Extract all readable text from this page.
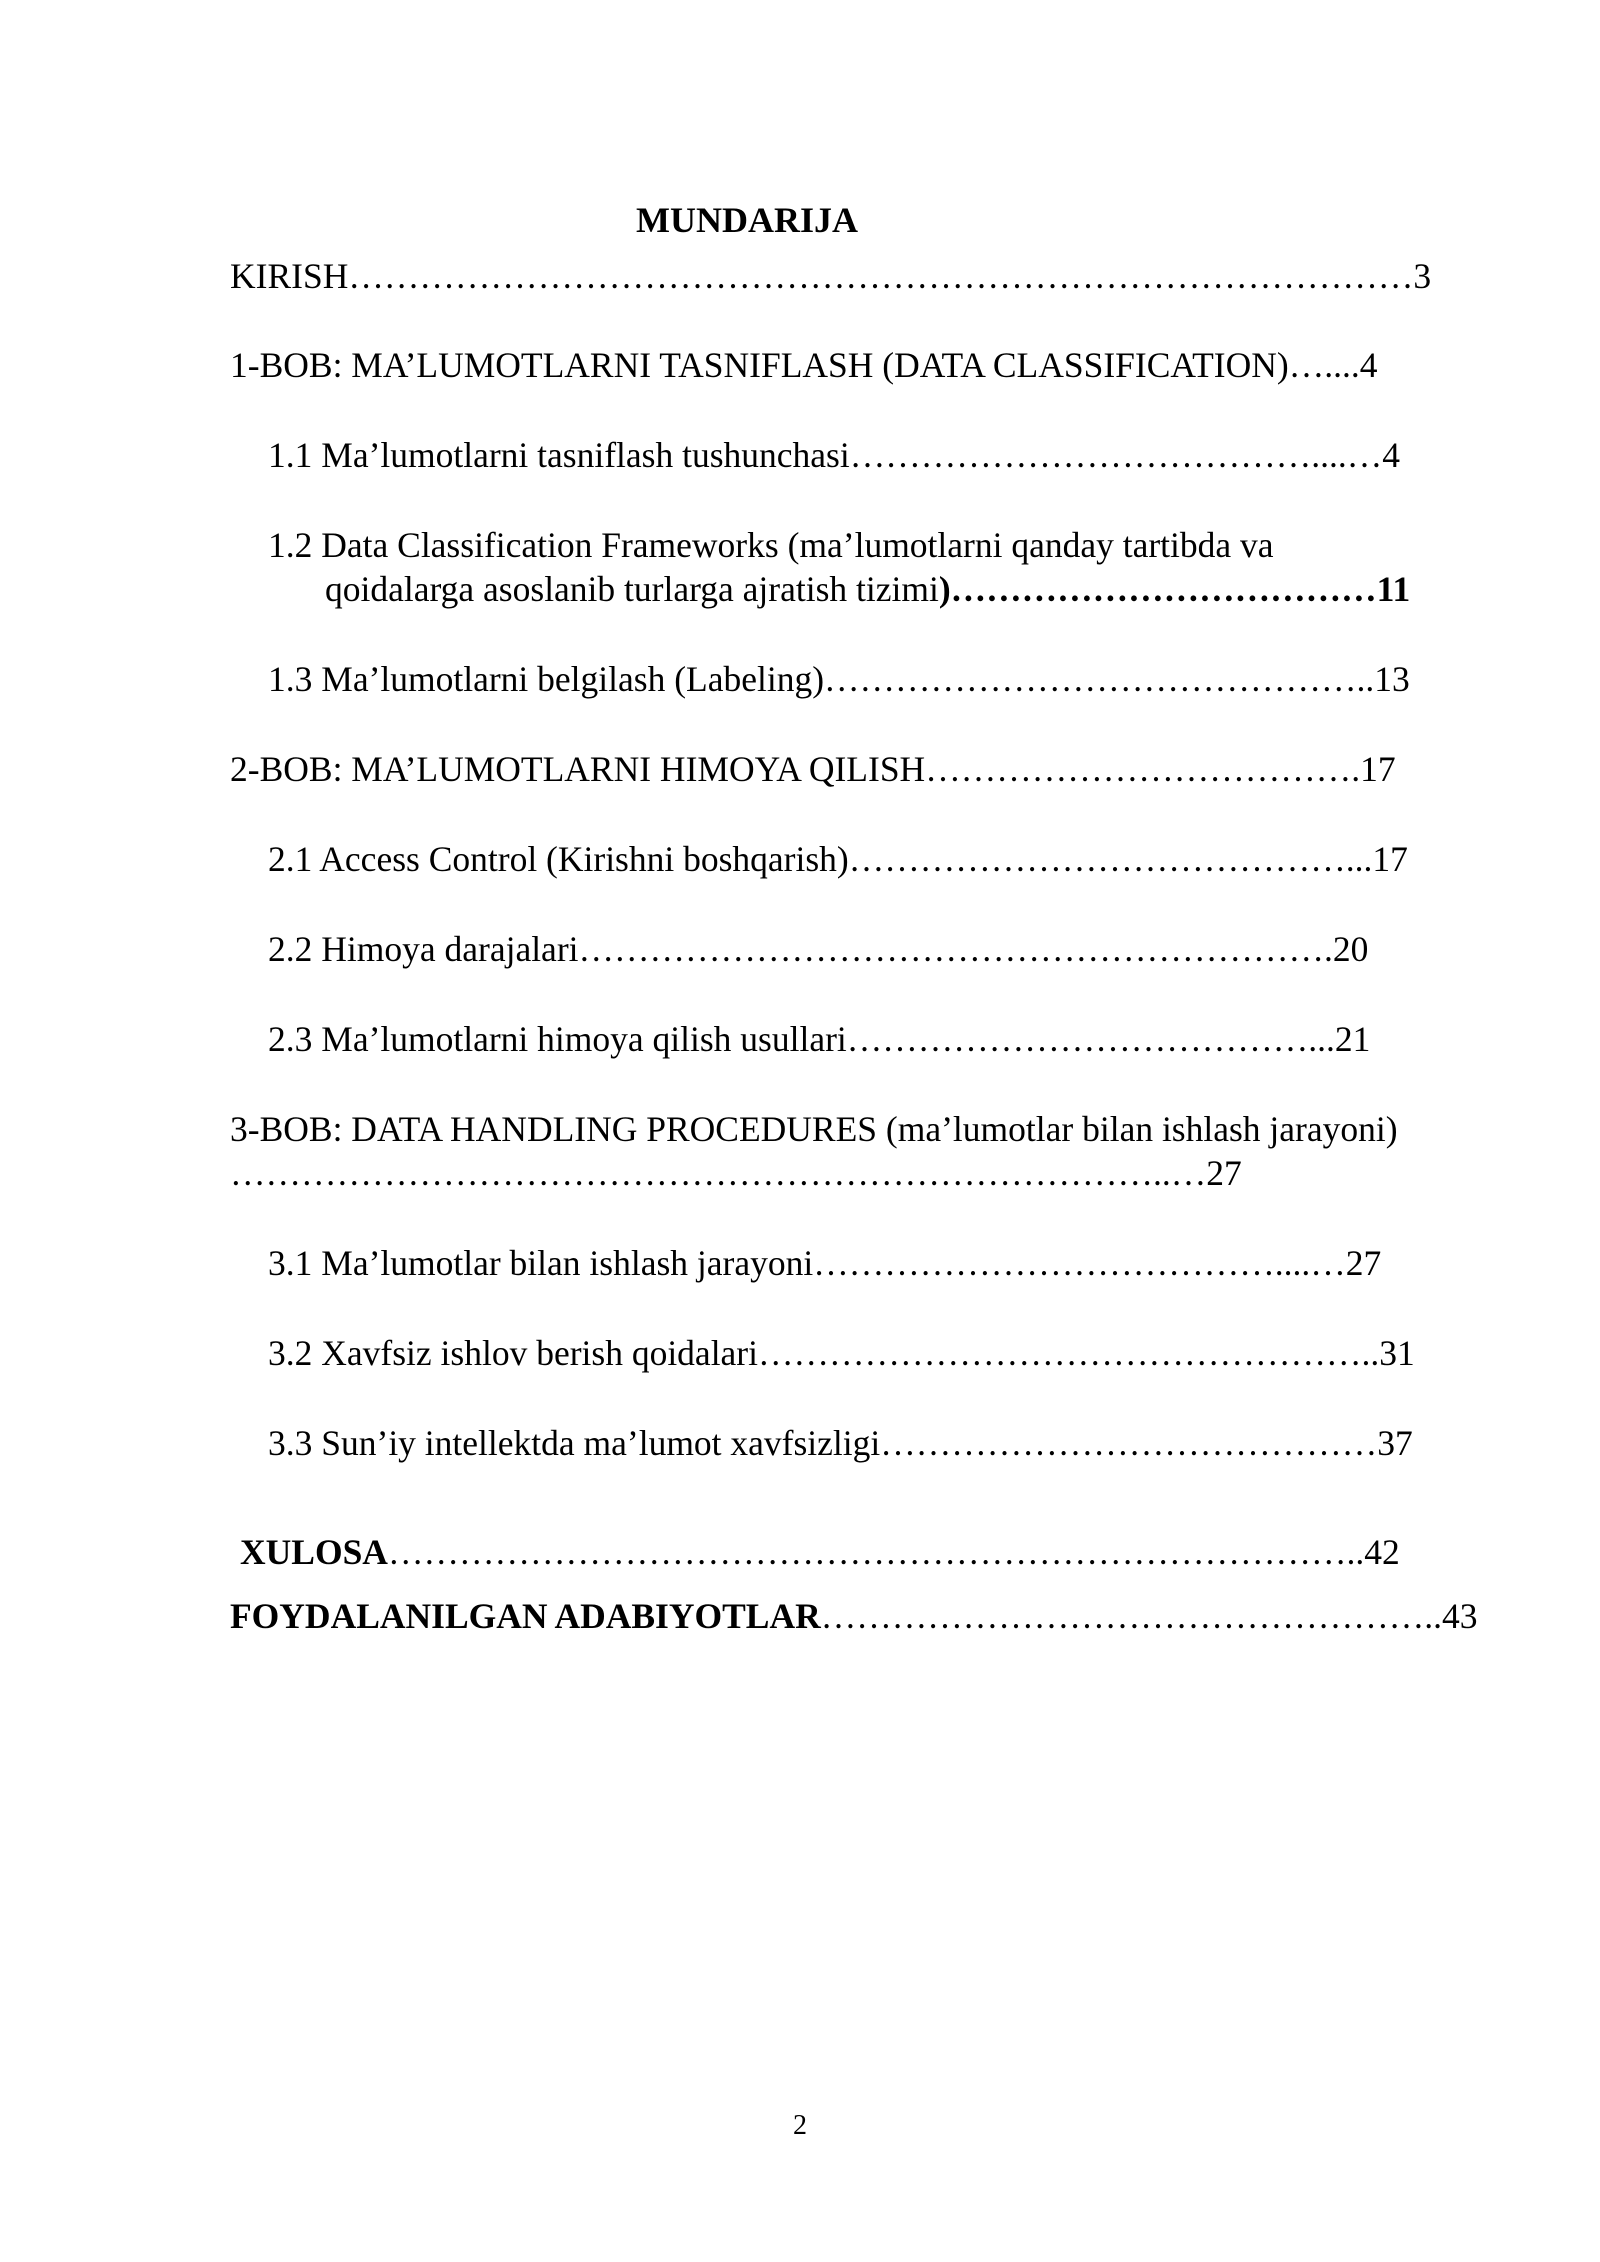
MUNDARIJA
KIRISH………………………………………………………………………………3
1-BOB: MA’LUMOTLARNI TASNIFLASH (DATA CLASSIFICATION)…....4
1.1 Ma’lumotlarni tasniflash tushunchasi…………………………………....…4
1.2 Data Classification Frameworks (ma’lumotlarni qanday tartibda va
qoidalarga asoslanib turlarga ajratish tizimi)………………………………11
1.3 Ma’lumotlarni belgilash (Labeling)………………………………………..13
2-BOB: MA’LUMOTLARNI HIMOYA QILISH……………………………….17
2.1 Access Control (Kirishni boshqarish)……………………………………...17
2.2 Himoya darajalari……………………………………………………….20
2.3 Ma’lumotlarni himoya qilish usullari…………………………………...21
3-BOB: DATA HANDLING PROCEDURES (ma’lumotlar bilan ishlash jarayoni)
……………………………………………………………………..…27
3.1 Ma’lumotlar bilan ishlash jarayoni…………………………………....…27
3.2 Xavfsiz ishlov berish qoidalari……………………………………………..31
3.3 Sun’iy intellektda ma’lumot xavfsizligi……………………………………37
XULOSA………………………………………………………………………..42
FOYDALANILGAN ADABIYOTLAR……………………………………………..43
2
